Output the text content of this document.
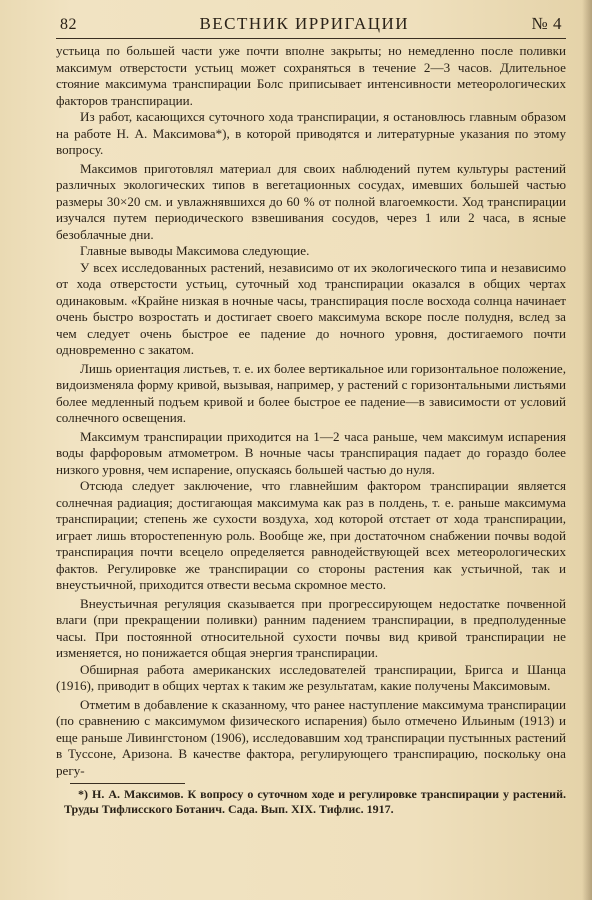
82	ВЕСТНИК ИРРИГАЦИИ	№ 4

устьица по большей части уже почти вполне закрыты; но немедленно после поливки максимум отверстости устьиц может сохраняться в течение 2—3 часов. Длительное стояние максимума транспирации Болс приписывает интенсивности метеорологических факторов транспирации.

Из работ, касающихся суточного хода транспирации, я остановлюсь главным образом на работе Н. А. Максимова*), в которой приводятся и литературные указания по этому вопросу.

Максимов приготовлял материал для своих наблюдений путем культуры растений различных экологических типов в вегетационных сосудах, имевших большей частью размеры 30×20 см. и увлажнявшихся до 60 % от полной влагоемкости. Ход транспирации изучался путем периодического взвешивания сосудов, через 1 или 2 часа, в ясные безоблачные дни.

Главные выводы Максимова следующие.

У всех исследованных растений, независимо от их экологического типа и независимо от хода отверстости устьиц, суточный ход транспирации оказался в общих чертах одинаковым. «Крайне низкая в ночные часы, транспирация после восхода солнца начинает очень быстро возростать и достигает своего максимума вскоре после полудня, вслед за чем следует очень быстрое ее падение до ночного уровня, достигаемого почти одновременно с закатом.

Лишь ориентация листьев, т. е. их более вертикальное или горизонтальное положение, видоизменяла форму кривой, вызывая, например, у растений с горизонтальными листьями более медленный подъем кривой и более быстрое ее падение—в зависимости от условий солнечного освещения.

Максимум транспирации приходится на 1—2 часа раньше, чем максимум испарения воды фарфоровым атмометром. В ночные часы транспирация падает до гораздо более низкого уровня, чем испарение, опускаясь большей частью до нуля.

Отсюда следует заключение, что главнейшим фактором транспирации является солнечная радиация; достигающая максимума как раз в полдень, т. е. раньше максимума транспирации; степень же сухости воздуха, ход которой отстает от хода транспирации, играет лишь второстепенную роль. Вообще же, при достаточном снабжении почвы водой транспирация почти всецело определяется равнодействующей всех метеорологических фактов. Регулировке же транспирации со стороны растения как устьичной, так и внеустьичной, приходится отвести весьма скромное место.

Внеустьичная регуляция сказывается при прогрессирующем недостатке почвенной влаги (при прекращении поливки) ранним падением транспирации, в предполуденные часы. При постоянной относительной сухости почвы вид кривой транспирации не изменяется, но понижается общая энергия транспирации.

Обширная работа американских исследователей транспирации, Бригса и Шанца (1916), приводит в общих чертах к таким же результатам, какие получены Максимовым.

Отметим в добавление к сказанному, что ранее наступление максимума транспирации (по сравнению с максимумом физического испарения) было отмечено Ильиным (1913) и еще раньше Ливингстоном (1906), исследовавшим ход транспирации пустынных растений в Туссоне, Аризона. В качестве фактора, регулирующего транспирацию, поскольку она регу-

*) Н. А. Максимов. К вопросу о суточном ходе и регулировке транспирации у растений. Труды Тифлисского Ботанич. Сада. Вып. XIX. Тифлис. 1917.
